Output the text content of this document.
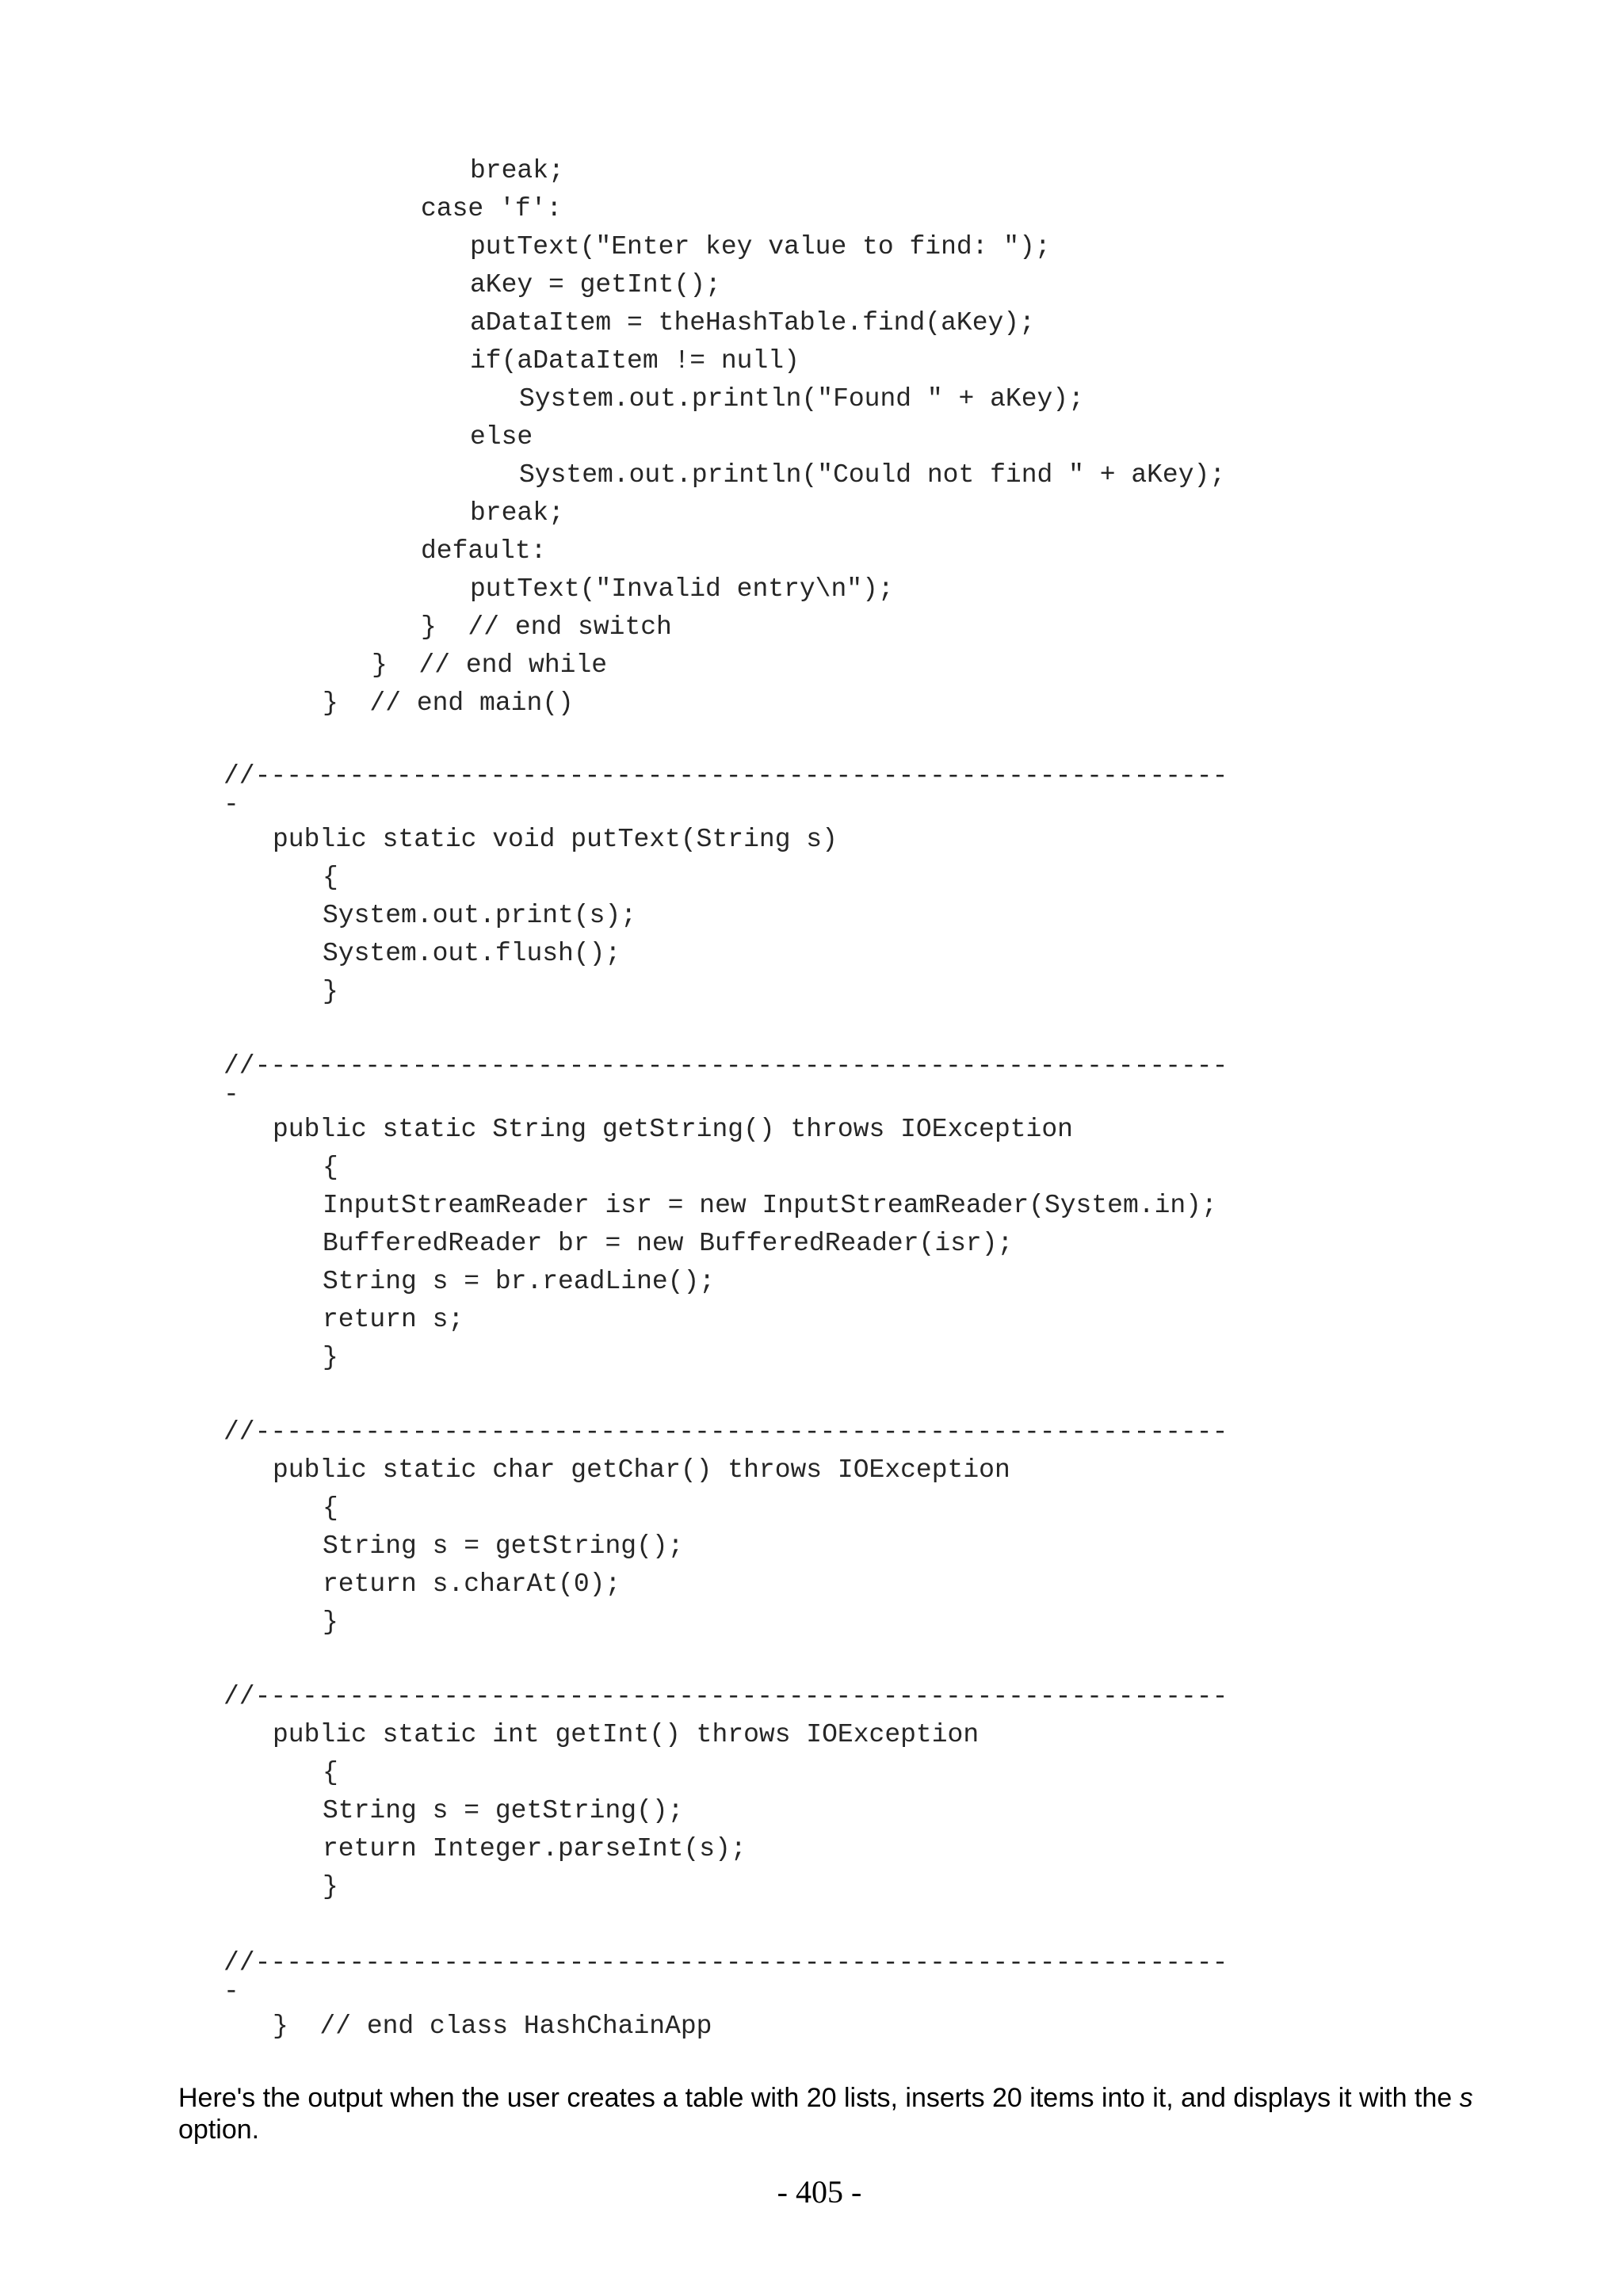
break;
case 'f':
putText("Enter key value to find: ");
aKey = getInt();
aDataItem = theHashTable.find(aKey);
if(aDataItem != null)
System.out.println("Found " + aKey);
else
System.out.println("Could not find " + aKey);
break;
default:
putText("Invalid entry\n");
}  // end switch
}  // end while
}  // end main()
//--------------------------------------------------------------
-
public static void putText(String s)
{
System.out.print(s);
System.out.flush();
}
//--------------------------------------------------------------
-
public static String getString() throws IOException
{
InputStreamReader isr = new InputStreamReader(System.in);
BufferedReader br = new BufferedReader(isr);
String s = br.readLine();
return s;
}
//--------------------------------------------------------------
public static char getChar() throws IOException
{
String s = getString();
return s.charAt(0);
}
//--------------------------------------------------------------
public static int getInt() throws IOException
{
String s = getString();
return Integer.parseInt(s);
}
//--------------------------------------------------------------
-
}  // end class HashChainApp

Here's the output when the user creates a table with 20 lists, inserts 20 items into it, and displays it with the s option.

- 405 -
